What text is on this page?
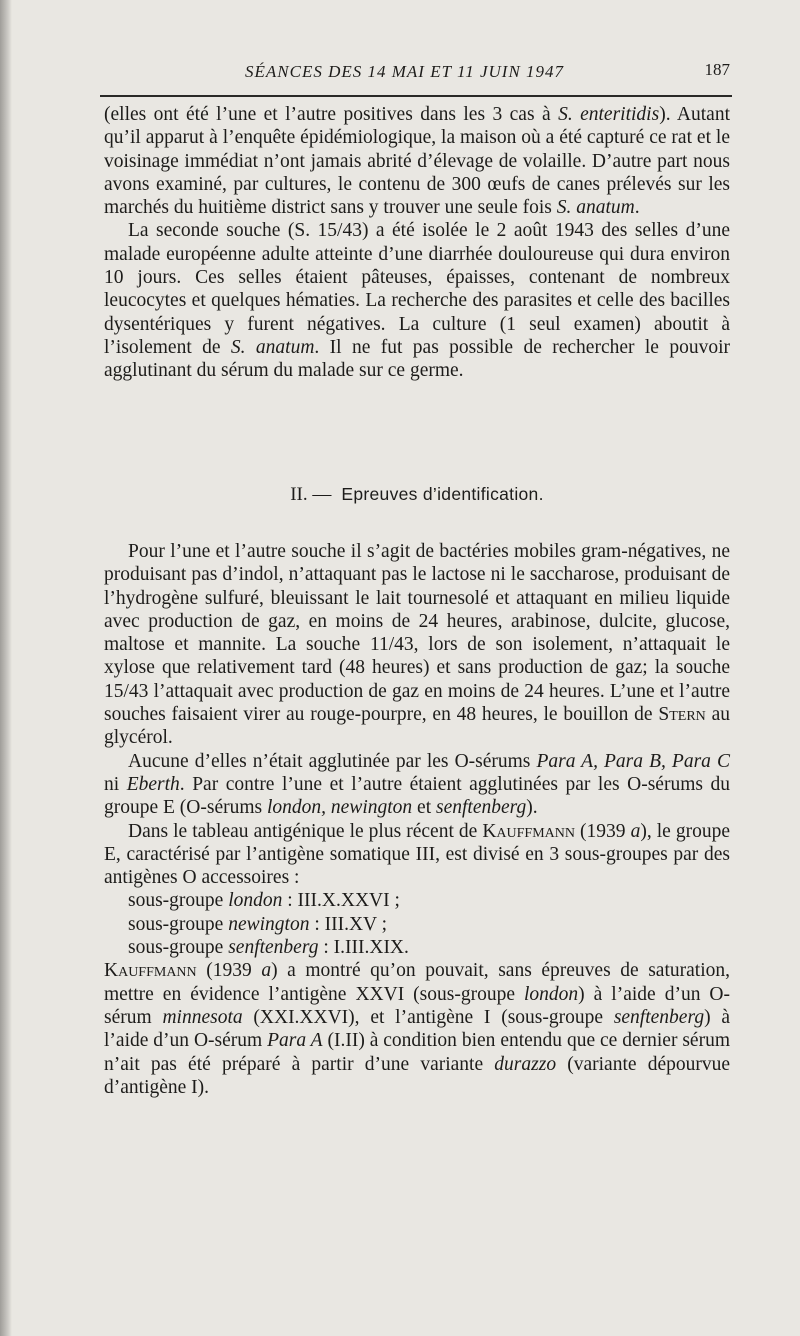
SÉANCES DES 14 MAI ET 11 JUIN 1947	187

(elles ont été l’une et l’autre positives dans les 3 cas à S. enteritidis). Autant qu’il apparut à l’enquête épidémiologique, la maison où a été capturé ce rat et le voisinage immédiat n’ont jamais abrité d’élevage de volaille. D’autre part nous avons examiné, par cultures, le contenu de 300 œufs de canes prélevés sur les marchés du huitième district sans y trouver une seule fois S. anatum.

La seconde souche (S. 15/43) a été isolée le 2 août 1943 des selles d’une malade européenne adulte atteinte d’une diarrhée douloureuse qui dura environ 10 jours. Ces selles étaient pâteuses, épaisses, contenant de nombreux leucocytes et quelques hématies. La recherche des parasites et celle des bacilles dysentériques y furent négatives. La culture (1 seul examen) aboutit à l’isolement de S. anatum. Il ne fut pas possible de rechercher le pouvoir agglutinant du sérum du malade sur ce germe.

II. — Epreuves d’identification.

Pour l’une et l’autre souche il s’agit de bactéries mobiles gram-négatives, ne produisant pas d’indol, n’attaquant pas le lactose ni le saccharose, produisant de l’hydrogène sulfuré, bleuissant le lait tournesolé et attaquant en milieu liquide avec production de gaz, en moins de 24 heures, arabinose, dulcite, glucose, maltose et mannite. La souche 11/43, lors de son isolement, n’attaquait le xylose que relativement tard (48 heures) et sans production de gaz; la souche 15/43 l’attaquait avec production de gaz en moins de 24 heures. L’une et l’autre souches faisaient virer au rouge-pourpre, en 48 heures, le bouillon de Stern au glycérol.

Aucune d’elles n’était agglutinée par les O-sérums Para A, Para B, Para C ni Eberth. Par contre l’une et l’autre étaient agglutinées par les O-sérums du groupe E (O-sérums london, newington et senftenberg).

Dans le tableau antigénique le plus récent de Kauffmann (1939 a), le groupe E, caractérisé par l’antigène somatique III, est divisé en 3 sous-groupes par des antigènes O accessoires :

sous-groupe london : III.X.XXVI ;

sous-groupe newington : III.XV ;

sous-groupe senftenberg : I.III.XIX.

Kauffmann (1939 a) a montré qu’on pouvait, sans épreuves de saturation, mettre en évidence l’antigène XXVI (sous-groupe london) à l’aide d’un O-sérum minnesota (XXI.XXVI), et l’antigène I (sous-groupe senftenberg) à l’aide d’un O-sérum Para A (I.II) à condition bien entendu que ce dernier sérum n’ait pas été préparé à partir d’une variante durazzo (variante dépourvue d’antigène I).
